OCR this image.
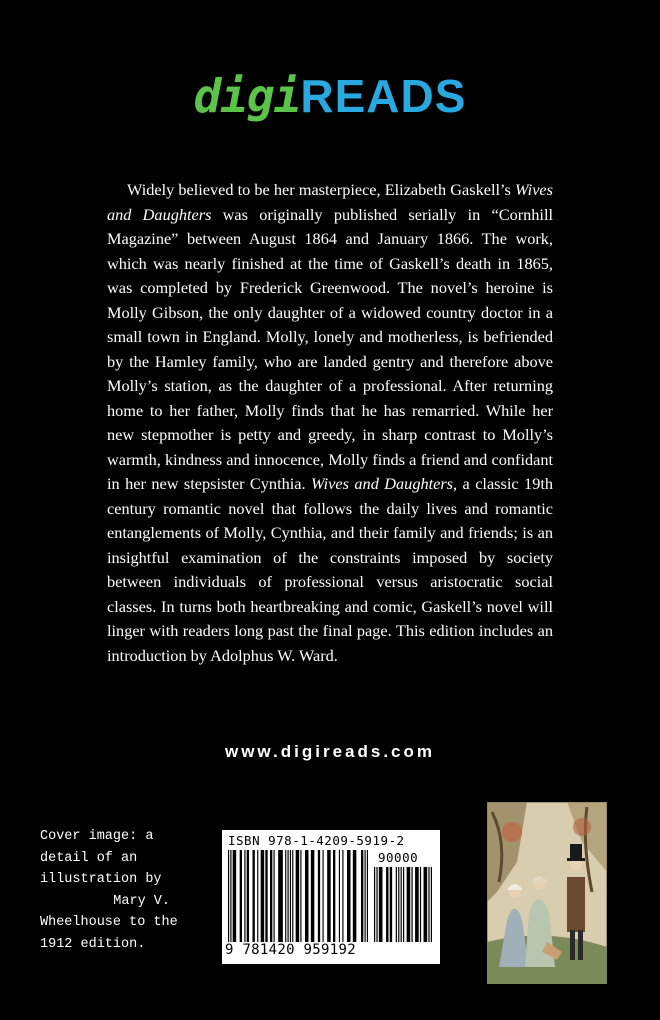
digiREADS

Widely believed to be her masterpiece, Elizabeth Gaskell’s Wives and Daughters was originally published serially in “Cornhill Magazine” between August 1864 and January 1866. The work, which was nearly finished at the time of Gaskell’s death in 1865, was completed by Frederick Greenwood. The novel’s heroine is Molly Gibson, the only daughter of a widowed country doctor in a small town in England. Molly, lonely and motherless, is befriended by the Hamley family, who are landed gentry and therefore above Molly’s station, as the daughter of a professional. After returning home to her father, Molly finds that he has remarried. While her new stepmother is petty and greedy, in sharp contrast to Molly’s warmth, kindness and innocence, Molly finds a friend and confidant in her new stepsister Cynthia. Wives and Daughters, a classic 19th century romantic novel that follows the daily lives and romantic entanglements of Molly, Cynthia, and their family and friends; is an insightful examination of the constraints imposed by society between individuals of professional versus aristocratic social classes. In turns both heartbreaking and comic, Gaskell’s novel will linger with readers long past the final page. This edition includes an introduction by Adolphus W. Ward.

www.digireads.com
Cover image: a
detail of an
illustration by
Mary V.
Wheelhouse to the
1912 edition.
ISBN 978-1-4209-5919-2
90000
9 781420 959192
